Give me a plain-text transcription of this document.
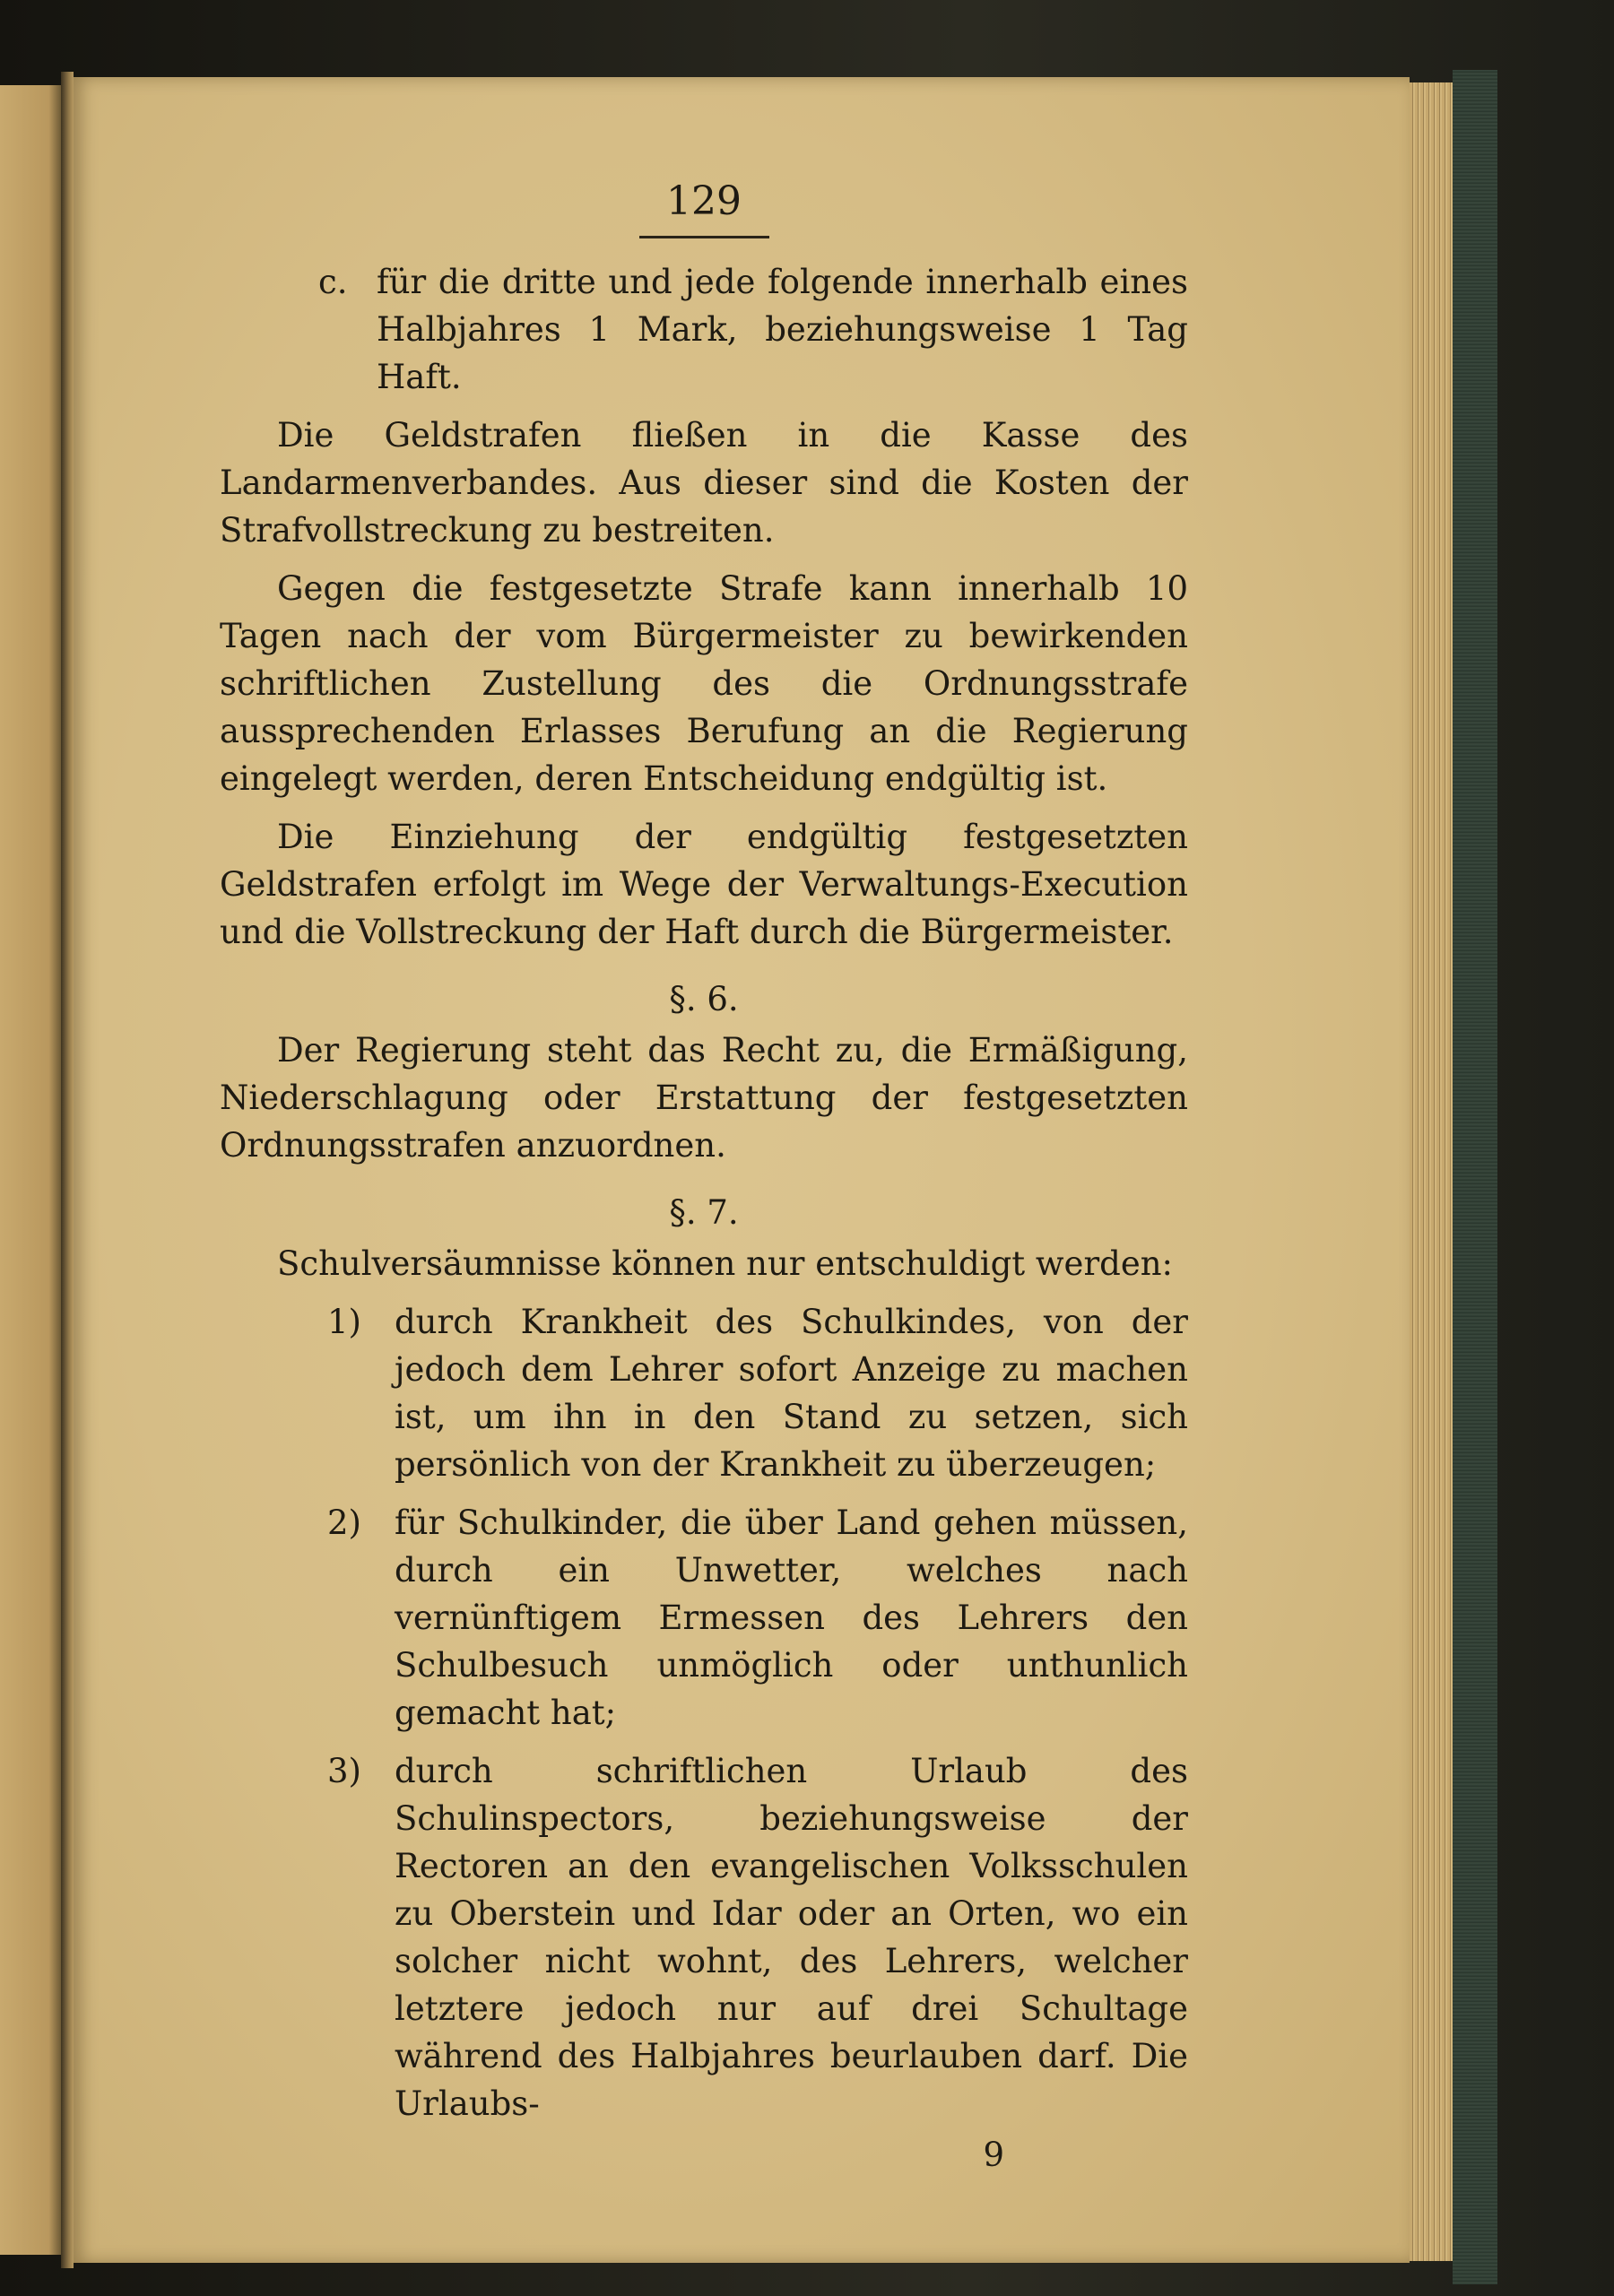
129
c. für die dritte und jede folgende innerhalb eines Halbjahres 1 Mark, beziehungsweise 1 Tag Haft.

Die Geldstrafen fließen in die Kasse des Landarmenverbandes. Aus dieser sind die Kosten der Strafvollstreckung zu bestreiten.

Gegen die festgesetzte Strafe kann innerhalb 10 Tagen nach der vom Bürgermeister zu bewirkenden schriftlichen Zustellung des die Ordnungsstrafe aussprechenden Erlasses Berufung an die Regierung eingelegt werden, deren Entscheidung endgültig ist.

Die Einziehung der endgültig festgesetzten Geldstrafen erfolgt im Wege der Verwaltungs-Execution und die Vollstreckung der Haft durch die Bürgermeister.

§. 6.

Der Regierung steht das Recht zu, die Ermäßigung, Niederschlagung oder Erstattung der festgesetzten Ordnungsstrafen anzuordnen.

§. 7.

Schulversäumnisse können nur entschuldigt werden:

1) durch Krankheit des Schulkindes, von der jedoch dem Lehrer sofort Anzeige zu machen ist, um ihn in den Stand zu setzen, sich persönlich von der Krankheit zu überzeugen;

2) für Schulkinder, die über Land gehen müssen, durch ein Unwetter, welches nach vernünftigem Ermessen des Lehrers den Schulbesuch unmöglich oder unthunlich gemacht hat;

3) durch schriftlichen Urlaub des Schulinspectors, beziehungsweise der Rectoren an den evangelischen Volksschulen zu Oberstein und Idar oder an Orten, wo ein solcher nicht wohnt, des Lehrers, welcher letztere jedoch nur auf drei Schultage während des Halbjahres beurlauben darf. Die Urlaubs-

9
